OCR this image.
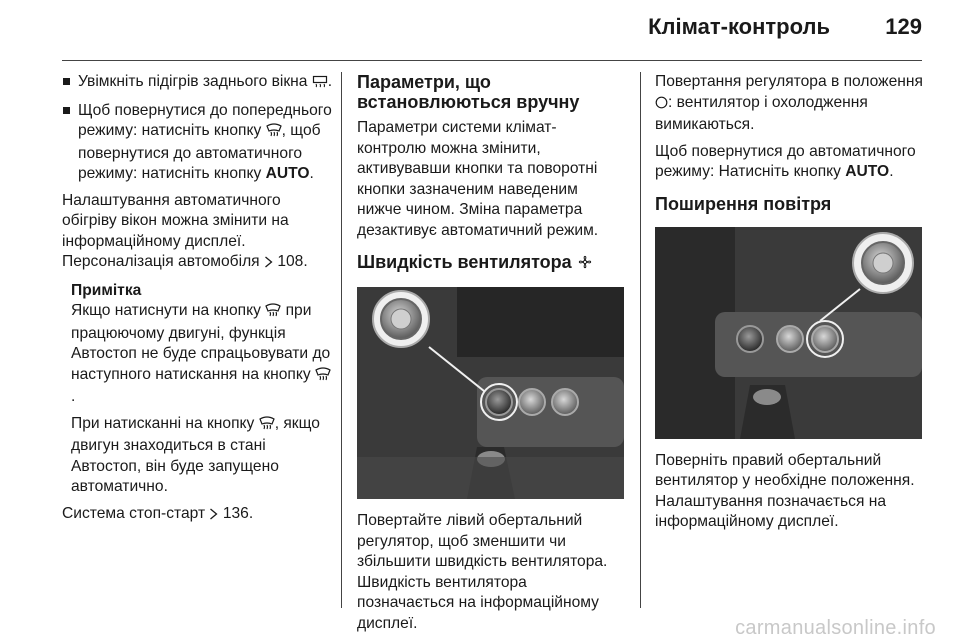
Клімат-контроль	129

Увімкніть підігрів заднього вікна .

Щоб повернутися до попереднього режиму: натисніть кнопку , щоб повернутися до автоматичного режиму: натисніть кнопку AUTO.

Налаштування автоматичного обігріву вікон можна змінити на інформаційному дисплеї. Персоналізація автомобіля 108.

Примітка

Якщо натиснути на кнопку при працюючому двигуні, функція Автостоп не буде спрацьовувати до наступного натискання на кнопку .

При натисканні на кнопку , якщо двигун знаходиться в стані Автостоп, він буде запущено автоматично.

Система стоп-старт 136.

Параметри, що встановлюються вручну

Параметри системи клімат-контролю можна змінити, активувавши кнопки та поворотні кнопки зазначеним наведеним нижче чином. Зміна параметра дезактивує автоматичний режим.

Швидкість вентилятора

Повертайте лівий обертальний регулятор, щоб зменшити чи збільшити швидкість вентилятора. Швидкість вентилятора позначається на інформаційному дисплеї.

Повертання регулятора в положення : вентилятор і охолодження вимикаються.

Щоб повернутися до автоматичного режиму: Натисніть кнопку AUTO.

Поширення повітря

Поверніть правий обертальний вентилятор у необхідне положення. Налаштування позначається на інформаційному дисплеї.

carmanualsonline.info
